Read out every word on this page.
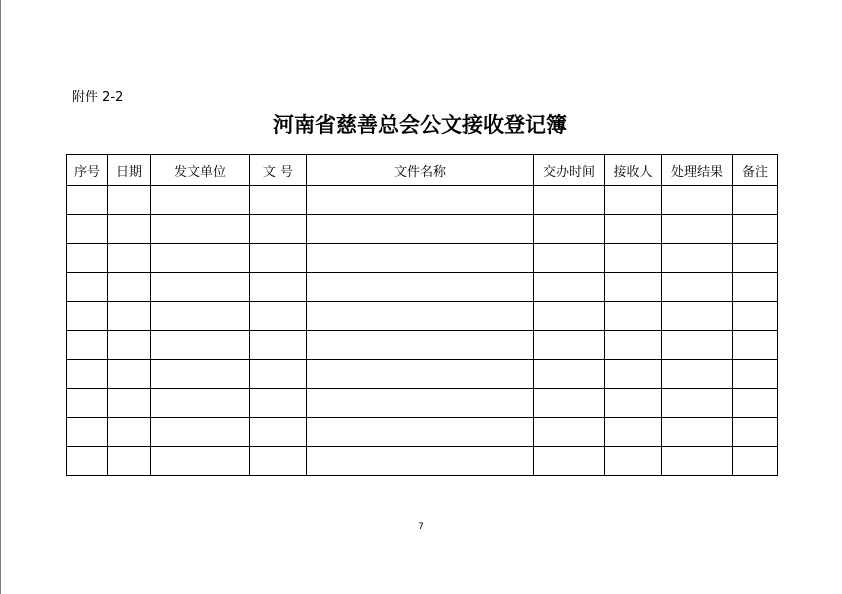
附件 2-2
河南省慈善总会公文接收登记簿
序号	日期	发文单位	文 号	文件名称	交办时间	接收人	处理结果	备注

7
